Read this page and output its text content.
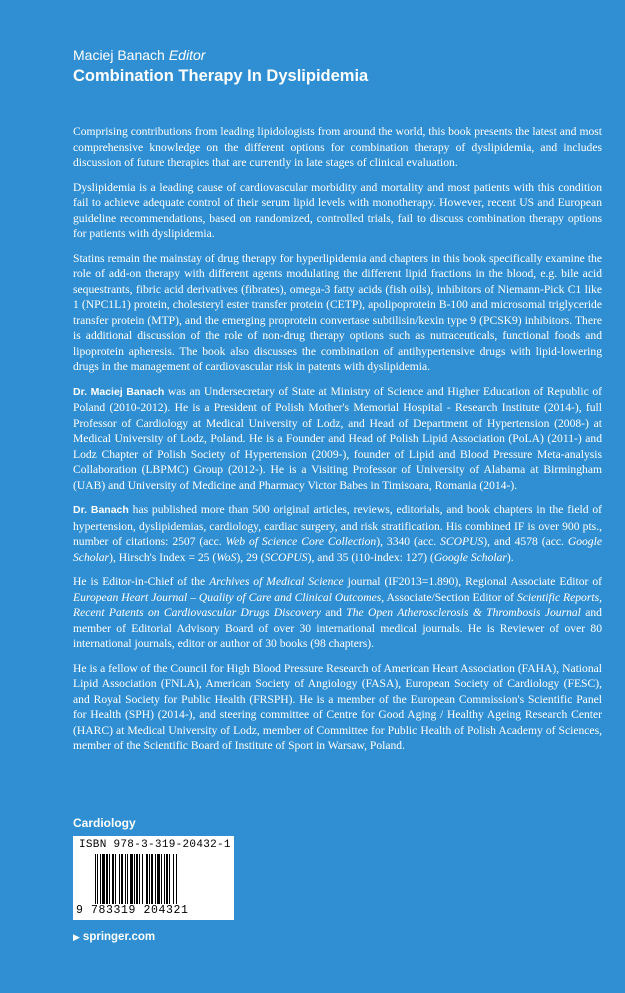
Maciej Banach Editor
Combination Therapy In Dyslipidemia

Comprising contributions from leading lipidologists from around the world, this book presents the latest and most comprehensive knowledge on the different options for combination therapy of dyslipidemia, and includes discussion of future therapies that are currently in late stages of clinical evaluation.

Dyslipidemia is a leading cause of cardiovascular morbidity and mortality and most patients with this condition fail to achieve adequate control of their serum lipid levels with monotherapy. However, recent US and European guideline recommendations, based on randomized, controlled trials, fail to discuss combination therapy options for patients with dyslipidemia.

Statins remain the mainstay of drug therapy for hyperlipidemia and chapters in this book specifically examine the role of add-on therapy with different agents modulating the different lipid fractions in the blood, e.g. bile acid sequestrants, fibric acid derivatives (fibrates), omega-3 fatty acids (fish oils), inhibitors of Niemann-Pick C1 like 1 (NPC1L1) protein, cholesteryl ester transfer protein (CETP), apolipoprotein B-100 and microsomal triglyceride transfer protein (MTP), and the emerging proprotein convertase subtilisin/kexin type 9 (PCSK9) inhibitors. There is additional discussion of the role of non-drug therapy options such as nutraceuticals, functional foods and lipoprotein apheresis. The book also discusses the combination of antihypertensive drugs with lipid-lowering drugs in the management of cardiovascular risk in patents with dyslipidemia.

Dr. Maciej Banach was an Undersecretary of State at Ministry of Science and Higher Education of Republic of Poland (2010-2012). He is a President of Polish Mother's Memorial Hospital - Research Institute (2014-), full Professor of Cardiology at Medical University of Lodz, and Head of Department of Hypertension (2008-) at Medical University of Lodz, Poland. He is a Founder and Head of Polish Lipid Association (PoLA) (2011-) and Lodz Chapter of Polish Society of Hypertension (2009-), founder of Lipid and Blood Pressure Meta-analysis Collaboration (LBPMC) Group (2012-). He is a Visiting Professor of University of Alabama at Birmingham (UAB) and University of Medicine and Pharmacy Victor Babes in Timisoara, Romania (2014-).

Dr. Banach has published more than 500 original articles, reviews, editorials, and book chapters in the field of hypertension, dyslipidemias, cardiology, cardiac surgery, and risk stratification. His combined IF is over 900 pts., number of citations: 2507 (acc. Web of Science Core Collection), 3340 (acc. SCOPUS), and 4578 (acc. Google Scholar), Hirsch's Index = 25 (WoS), 29 (SCOPUS), and 35 (i10-index: 127) (Google Scholar).

He is Editor-in-Chief of the Archives of Medical Science journal (IF2013=1.890), Regional Associate Editor of European Heart Journal – Quality of Care and Clinical Outcomes, Associate/Section Editor of Scientific Reports, Recent Patents on Cardiovascular Drugs Discovery and The Open Atherosclerosis & Thrombosis Journal and member of Editorial Advisory Board of over 30 international medical journals. He is Reviewer of over 80 international journals, editor or author of 30 books (98 chapters).

He is a fellow of the Council for High Blood Pressure Research of American Heart Association (FAHA), National Lipid Association (FNLA), American Society of Angiology (FASA), European Society of Cardiology (FESC), and Royal Society for Public Health (FRSPH). He is a member of the European Commission's Scientific Panel for Health (SPH) (2014-), and steering committee of Centre for Good Aging / Healthy Ageing Research Center (HARC) at Medical University of Lodz, member of Committee for Public Health of Polish Academy of Sciences, member of the Scientific Board of Institute of Sport in Warsaw, Poland.

Cardiology
ISBN 978-3-319-20432-1
9 783319 204321
▶ springer.com
